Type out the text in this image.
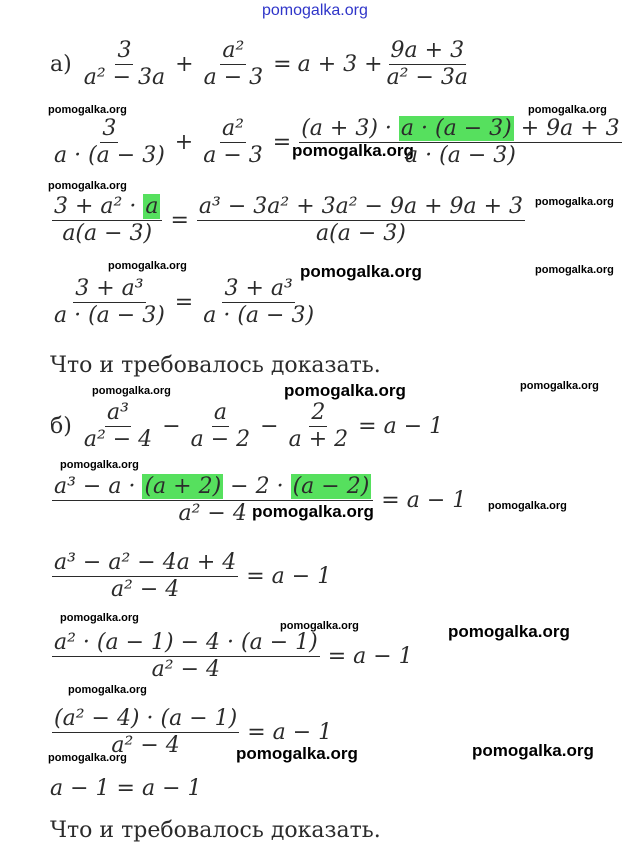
pomogalka.org
pomogalka.org	pomogalka.org
pomogalka.org
pomogalka.org
pomogalka.org
pomogalka.org	pomogalka.org	pomogalka.org
pomogalka.org	pomogalka.org	pomogalka.org
pomogalka.org
pomogalka.org	pomogalka.org
pomogalka.org
pomogalka.org	pomogalka.org
pomogalka.org
pomogalka.org	pomogalka.org	pomogalka.org
$а) \frac{3}{\text{a² − 3a}} + \frac{\text{a²}}{a - 3} = a + 3 + \frac{9a + 3}{\text{a² − 3a}}$
$\frac{3}{a \cdot (a - 3)} + \frac{\text{a²}}{a - 3} = \frac{(a + 3) \cdot a \cdot (a - 3) + 9a + 3}{a \cdot (a - 3)}$
$\frac{\text{3 + a² · a}}{a(a - 3)} = \frac{\text{a³ − 3a² + 3a² − 9a + 9a + 3}}{a(a - 3)}$
$\frac{\text{3 + a³}}{a \cdot (a - 3)} = \frac{\text{3 + a³}}{a \cdot (a - 3)}$
Что и требовалось доказать.
$б) \frac{\text{a³}}{\text{a² − 4}} - \frac{a}{a - 2} - \frac{2}{a + 2} = a - 1$
$\frac{\text{a³ − a · (a + 2) − 2 · (a − 2)}}{\text{a² − 4}} = a - 1$
$\frac{\text{a³ − a² − 4a + 4}}{\text{a² − 4}} = a - 1$
$\frac{\text{a² · (a − 1) − 4 · (a − 1)}}{\text{a² − 4}} = a - 1$
$\frac{\text{(a² − 4) · (a − 1)}}{\text{a² − 4}} = a - 1$
a − 1 = a − 1
Что и требовалось доказать.
